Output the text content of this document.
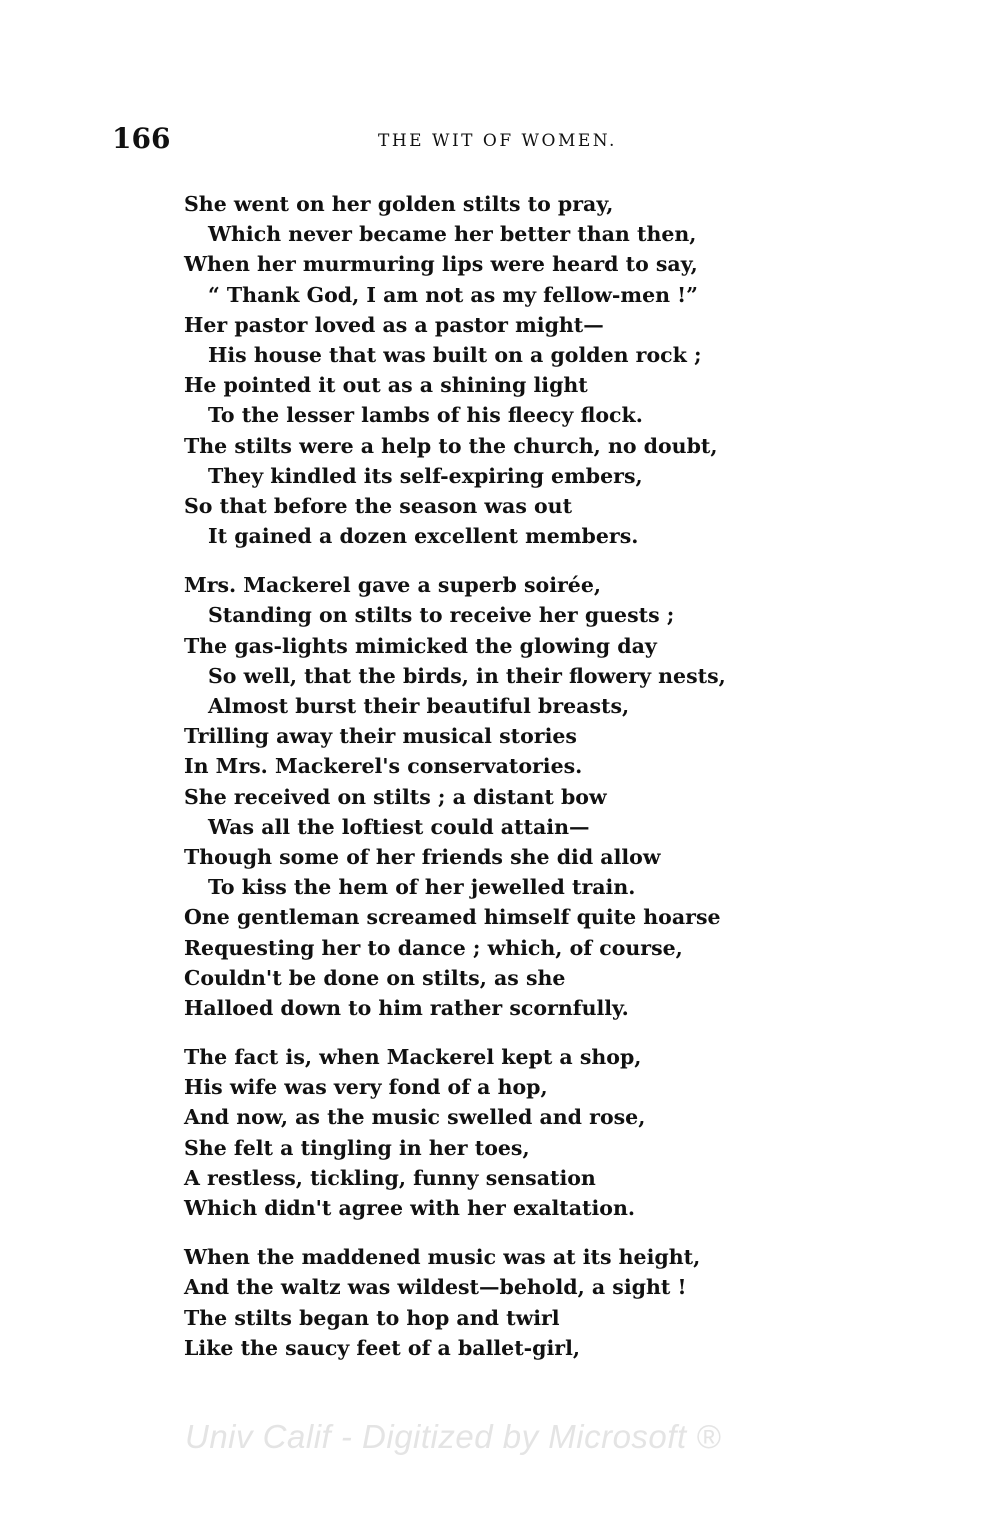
166	THE WIT OF WOMEN.
She went on her golden stilts to pray,
Which never became her better than then,
When her murmuring lips were heard to say,
“ Thank God, I am not as my fellow-men !”
Her pastor loved as a pastor might—
His house that was built on a golden rock ;
He pointed it out as a shining light
To the lesser lambs of his fleecy flock.
The stilts were a help to the church, no doubt,
They kindled its self-expiring embers,
So that before the season was out
It gained a dozen excellent members.
Mrs. Mackerel gave a superb soirée,
Standing on stilts to receive her guests ;
The gas-lights mimicked the glowing day
So well, that the birds, in their flowery nests,
Almost burst their beautiful breasts,
Trilling away their musical stories
In Mrs. Mackerel's conservatories.
She received on stilts ; a distant bow
Was all the loftiest could attain—
Though some of her friends she did allow
To kiss the hem of her jewelled train.
One gentleman screamed himself quite hoarse
Requesting her to dance ; which, of course,
Couldn't be done on stilts, as she
Halloed down to him rather scornfully.
The fact is, when Mackerel kept a shop,
His wife was very fond of a hop,
And now, as the music swelled and rose,
She felt a tingling in her toes,
A restless, tickling, funny sensation
Which didn't agree with her exaltation.
When the maddened music was at its height,
And the waltz was wildest—behold, a sight !
The stilts began to hop and twirl
Like the saucy feet of a ballet-girl,
Univ Calif - Digitized by Microsoft ®
